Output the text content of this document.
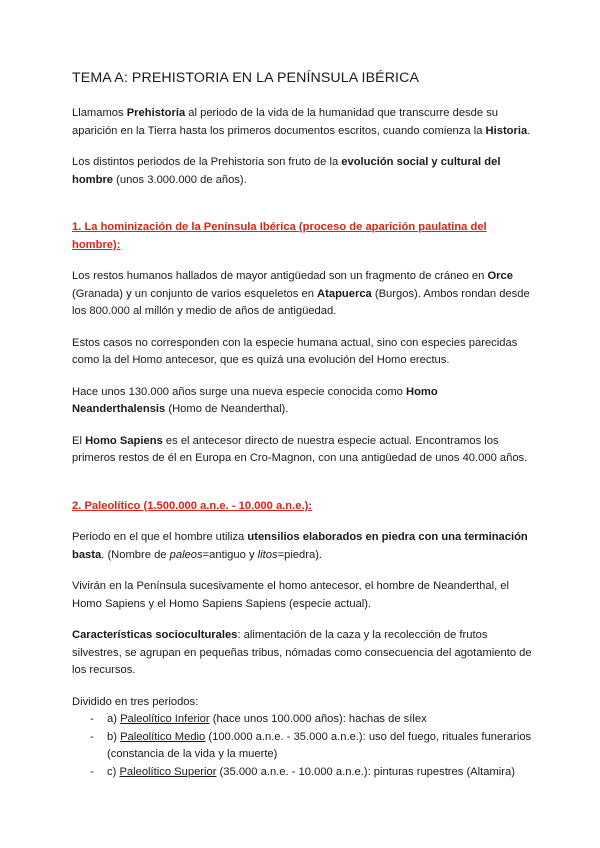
TEMA A: PREHISTORIA EN LA PENÍNSULA IBÉRICA

Llamamos Prehistoria al periodo de la vida de la humanidad que transcurre desde su aparición en la Tierra hasta los primeros documentos escritos, cuando comienza la Historia.

Los distintos periodos de la Prehistoria son fruto de la evolución social y cultural del hombre (unos 3.000.000 de años).

1. La hominización de la Península Ibérica (proceso de aparición paulatina del hombre):

Los restos humanos hallados de mayor antigüedad son un fragmento de cráneo en Orce (Granada) y un conjunto de varios esqueletos en Atapuerca (Burgos). Ambos rondan desde los 800.000 al millón y medio de años de antigüedad.

Estos casos no corresponden con la especie humana actual, sino con especies parecidas como la del Homo antecesor, que es quizá una evolución del Homo erectus.

Hace unos 130.000 años surge una nueva especie conocida como Homo Neanderthalensis (Homo de Neanderthal).

El Homo Sapiens es el antecesor directo de nuestra especie actual. Encontramos los primeros restos de él en Europa en Cro-Magnon, con una antigüedad de unos 40.000 años.

2. Paleolítico (1.500.000 a.n.e. - 10.000 a.n.e.):

Periodo en el que el hombre utiliza utensilios elaborados en piedra con una terminación basta. (Nombre de paleos=antiguo y litos=piedra).

Vivirán en la Península sucesivamente el homo antecesor, el hombre de Neanderthal, el Homo Sapiens y el Homo Sapiens Sapiens (especie actual).

Características socioculturales: alimentación de la caza y la recolección de frutos silvestres, se agrupan en pequeñas tribus, nómadas como consecuencia del agotamiento de los recursos.

Dividido en tres periodos:
- a) Paleolítico Inferior (hace unos 100.000 años): hachas de sílex
- b) Paleolítico Medio (100.000 a.n.e. - 35.000 a.n.e.): uso del fuego, rituales funerarios (constancia de la vida y la muerte)
- c) Paleolítico Superior (35.000 a.n.e. - 10.000 a.n.e.): pinturas rupestres (Altamira)
